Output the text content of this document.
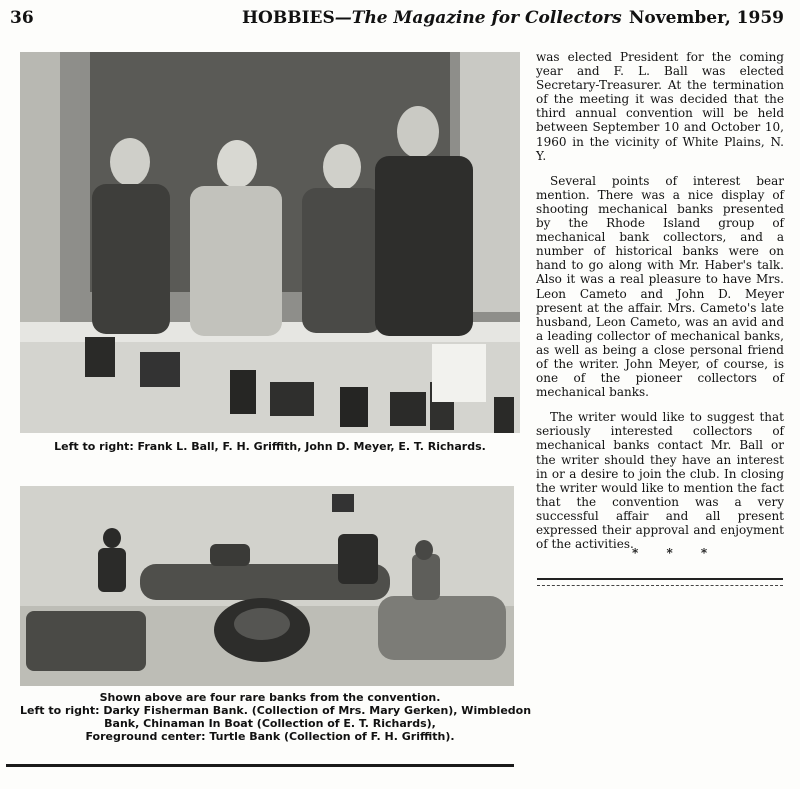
36	HOBBIES—The Magazine for Collectors November, 1959
Left to right: Frank L. Ball, F. H. Griffith, John D. Meyer, E. T. Richards.
Shown above are four rare banks from the convention.
Left to right: Darky Fisherman Bank. (Collection of Mrs. Mary Gerken), Wimbledon
Bank, Chinaman In Boat (Collection of E. T. Richards),
Foreground center: Turtle Bank (Collection of F. H. Griffith).

was elected President for the coming year and F. L. Ball was elected Secretary-Treasurer. At the termination of the meeting it was decided that the third annual convention will be held between September 10 and October 10, 1960 in the vicinity of White Plains, N. Y.

Several points of interest bear mention. There was a nice display of shooting mechanical banks presented by the Rhode Island group of mechanical bank collectors, and a number of historical banks were on hand to go along with Mr. Haber's talk. Also it was a real pleasure to have Mrs. Leon Cameto and John D. Meyer present at the affair. Mrs. Cameto's late husband, Leon Cameto, was an avid and a leading collector of mechanical banks, as well as being a close personal friend of the writer. John Meyer, of course, is one of the pioneer collectors of mechanical banks.

The writer would like to suggest that seriously interested collectors of mechanical banks contact Mr. Ball or the writer should they have an interest in or a desire to join the club. In closing the writer would like to mention the fact that the convention was a very successful affair and all present expressed their approval and enjoyment of the activities.

* * *
